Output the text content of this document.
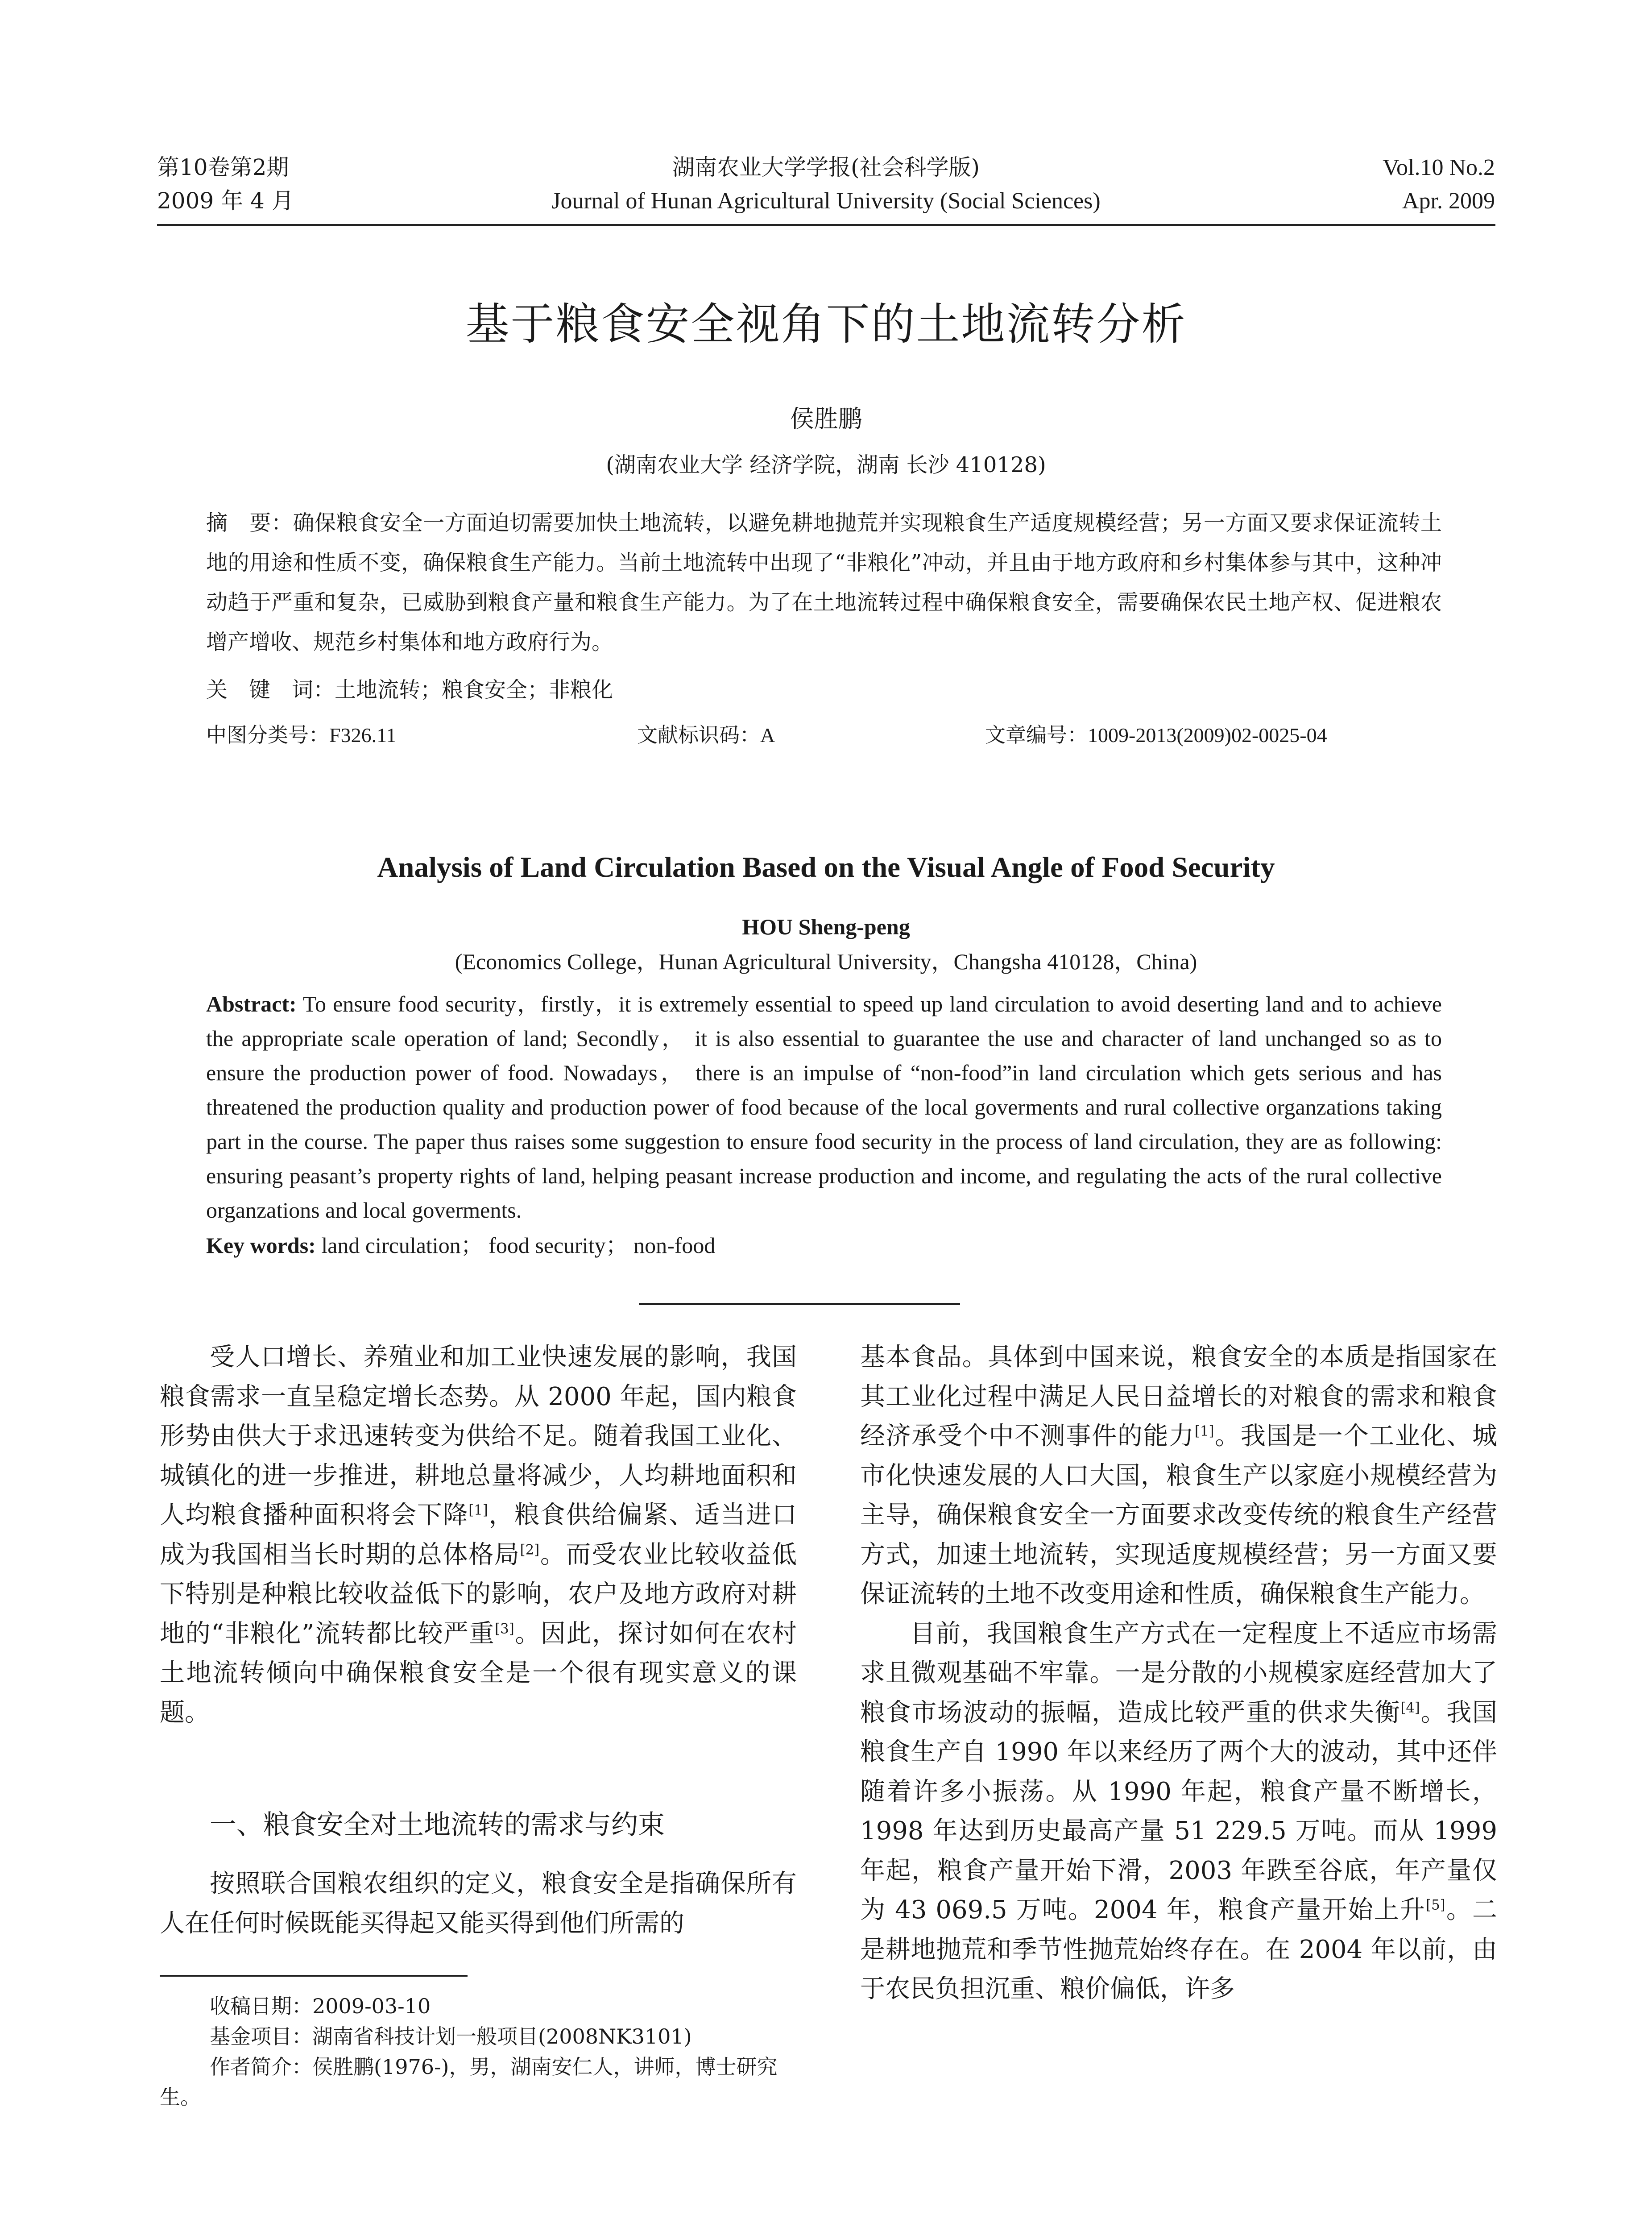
第10卷第2期
2009 年 4 月
湖南农业大学学报(社会科学版)
Journal of Hunan Agricultural University (Social Sciences)
Vol.10 No.2
Apr. 2009
基于粮食安全视角下的土地流转分析
侯胜鹏
(湖南农业大学 经济学院，湖南 长沙 410128)
摘　要：确保粮食安全一方面迫切需要加快土地流转，以避免耕地抛荒并实现粮食生产适度规模经营；另一方面又要求保证流转土地的用途和性质不变，确保粮食生产能力。当前土地流转中出现了“非粮化”冲动，并且由于地方政府和乡村集体参与其中，这种冲动趋于严重和复杂，已威胁到粮食产量和粮食生产能力。为了在土地流转过程中确保粮食安全，需要确保农民土地产权、促进粮农增产增收、规范乡村集体和地方政府行为。
关　键　词：土地流转；粮食安全；非粮化
中图分类号：F326.11	文献标识码：A	文章编号：1009-2013(2009)02-0025-04
Analysis of Land Circulation Based on the Visual Angle of Food Security
HOU Sheng-peng
(Economics College，Hunan Agricultural University，Changsha 410128，China)
Abstract: To ensure food security，firstly，it is extremely essential to speed up land circulation to avoid deserting land and to achieve the appropriate scale operation of land; Secondly， it is also essential to guarantee the use and character of land unchanged so as to ensure the production power of food. Nowadays， there is an impulse of “non-food”in land circulation which gets serious and has threatened the production quality and production power of food because of the local goverments and rural collective organzations taking part in the course. The paper thus raises some suggestion to ensure food security in the process of land circulation, they are as following: ensuring peasant’s property rights of land, helping peasant increase production and income, and regulating the acts of the rural collective organzations and local goverments.
Key words: land circulation； food security； non-food

受人口增长、养殖业和加工业快速发展的影响，我国粮食需求一直呈稳定增长态势。从 2000 年起，国内粮食形势由供大于求迅速转变为供给不足。随着我国工业化、城镇化的进一步推进，耕地总量将减少，人均耕地面积和人均粮食播种面积将会下降[1]，粮食供给偏紧、适当进口成为我国相当长时期的总体格局[2]。而受农业比较收益低下特别是种粮比较收益低下的影响，农户及地方政府对耕地的“非粮化”流转都比较严重[3]。因此，探讨如何在农村土地流转倾向中确保粮食安全是一个很有现实意义的课题。

一、粮食安全对土地流转的需求与约束

按照联合国粮农组织的定义，粮食安全是指确保所有人在任何时候既能买得起又能买得到他们所需的

收稿日期：2009-03-10

基金项目：湖南省科技计划一般项目(2008NK3101)

作者简介：侯胜鹏(1976-)，男，湖南安仁人，讲师，博士研究生。

基本食品。具体到中国来说，粮食安全的本质是指国家在其工业化过程中满足人民日益增长的对粮食的需求和粮食经济承受个中不测事件的能力[1]。我国是一个工业化、城市化快速发展的人口大国，粮食生产以家庭小规模经营为主导，确保粮食安全一方面要求改变传统的粮食生产经营方式，加速土地流转，实现适度规模经营；另一方面又要保证流转的土地不改变用途和性质，确保粮食生产能力。

目前，我国粮食生产方式在一定程度上不适应市场需求且微观基础不牢靠。一是分散的小规模家庭经营加大了粮食市场波动的振幅，造成比较严重的供求失衡[4]。我国粮食生产自 1990 年以来经历了两个大的波动，其中还伴随着许多小振荡。从 1990 年起，粮食产量不断增长，1998 年达到历史最高产量 51 229.5 万吨。而从 1999 年起，粮食产量开始下滑，2003 年跌至谷底，年产量仅为 43 069.5 万吨。2004 年，粮食产量开始上升[5]。二是耕地抛荒和季节性抛荒始终存在。在 2004 年以前，由于农民负担沉重、粮价偏低，许多
